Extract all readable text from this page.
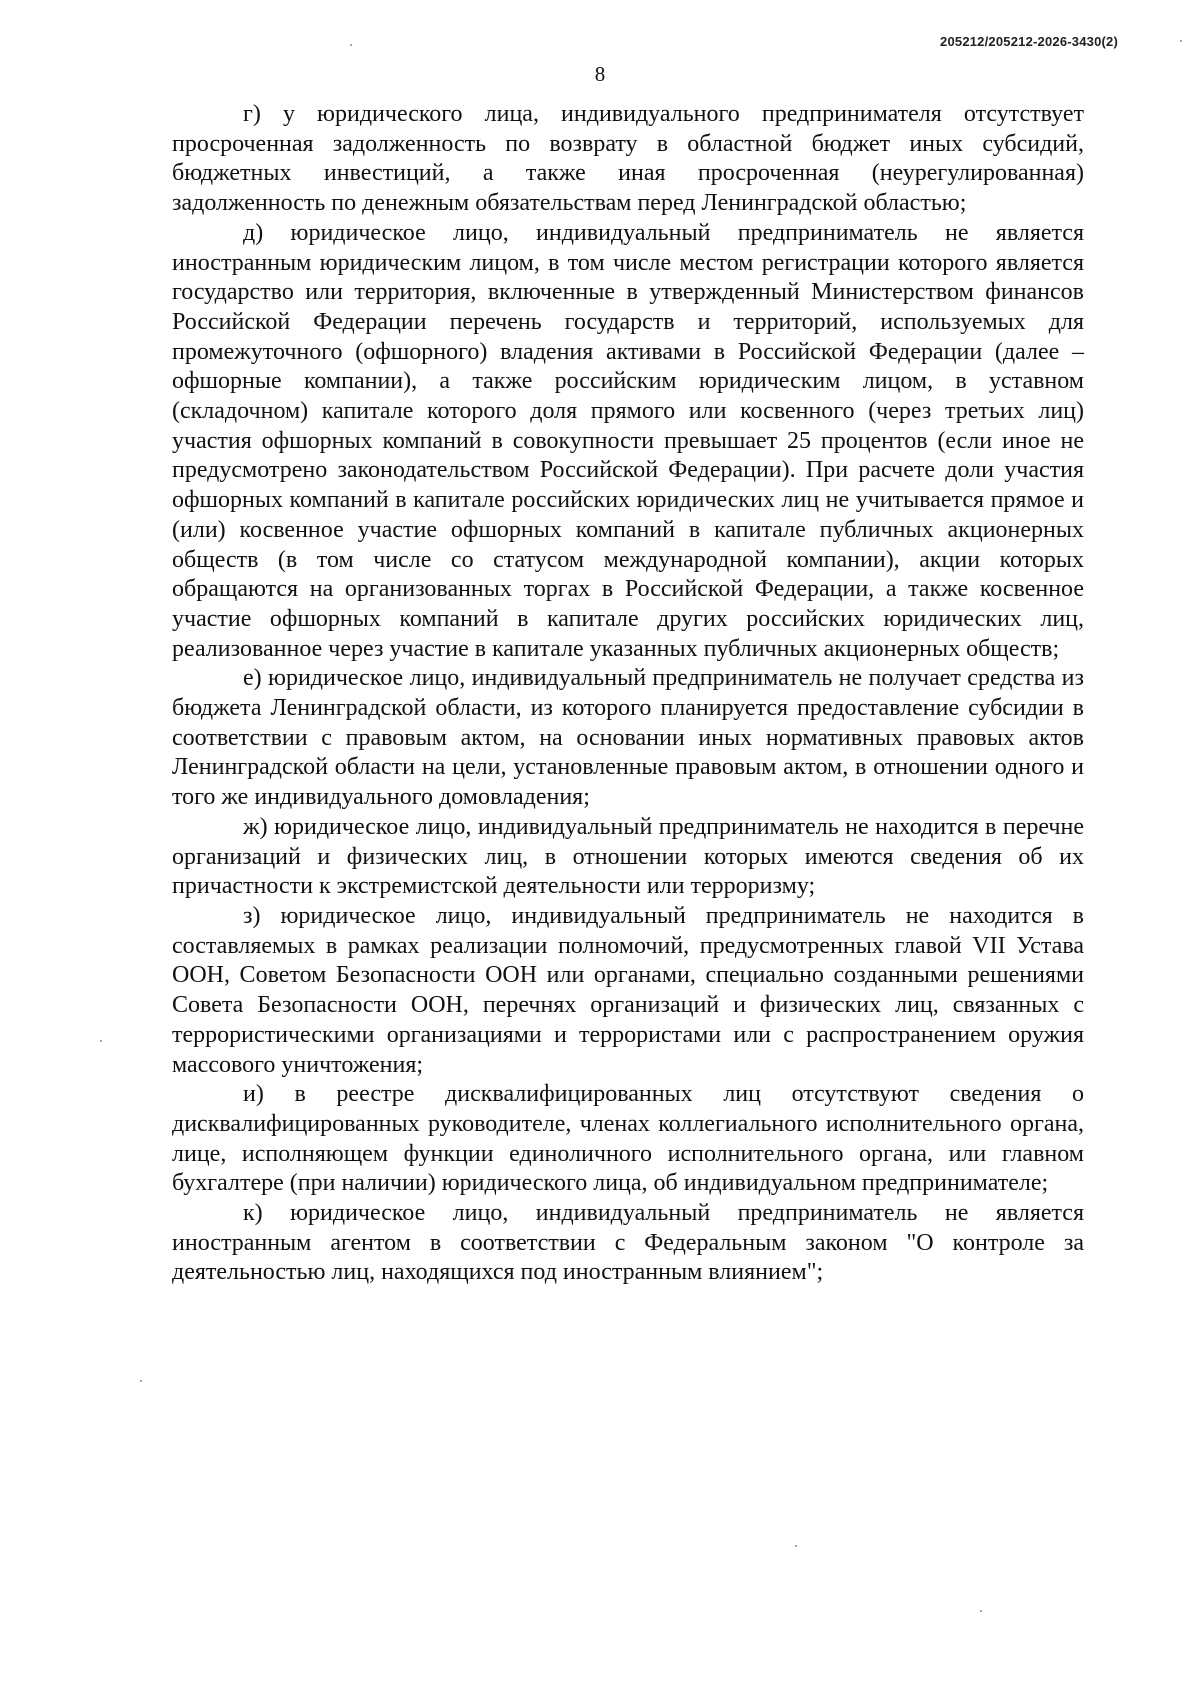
205212/205212-2026-3430(2)
8

г) у юридического лица, индивидуального предпринимателя отсутствует просроченная задолженность по возврату в областной бюджет иных субсидий, бюджетных инвестиций, а также иная просроченная (неурегулированная) задолженность по денежным обязательствам перед Ленинградской областью;

д) юридическое лицо, индивидуальный предприниматель не является иностранным юридическим лицом, в том числе местом регистрации которого является государство или территория, включенные в утвержденный Министерством финансов Российской Федерации перечень государств и территорий, используемых для промежуточного (офшорного) владения активами в Российской Федерации (далее – офшорные компании), а также российским юридическим лицом, в уставном (складочном) капитале которого доля прямого или косвенного (через третьих лиц) участия офшорных компаний в совокупности превышает 25 процентов (если иное не предусмотрено законодательством Российской Федерации). При расчете доли участия офшорных компаний в капитале российских юридических лиц не учитывается прямое и (или) косвенное участие офшорных компаний в капитале публичных акционерных обществ (в том числе со статусом международной компании), акции которых обращаются на организованных торгах в Российской Федерации, а также косвенное участие офшорных компаний в капитале других российских юридических лиц, реализованное через участие в капитале указанных публичных акционерных обществ;

е) юридическое лицо, индивидуальный предприниматель не получает средства из бюджета Ленинградской области, из которого планируется предоставление субсидии в соответствии с правовым актом, на основании иных нормативных правовых актов Ленинградской области на цели, установленные правовым актом, в отношении одного и того же индивидуального домовладения;

ж) юридическое лицо, индивидуальный предприниматель не находится в перечне организаций и физических лиц, в отношении которых имеются сведения об их причастности к экстремистской деятельности или терроризму;

з) юридическое лицо, индивидуальный предприниматель не находится в составляемых в рамках реализации полномочий, предусмотренных главой VII Устава ООН, Советом Безопасности ООН или органами, специально созданными решениями Совета Безопасности ООН, перечнях организаций и физических лиц, связанных с террористическими организациями и террористами или с распространением оружия массового уничтожения;

и) в реестре дисквалифицированных лиц отсутствуют сведения о дисквалифицированных руководителе, членах коллегиального исполнительного органа, лице, исполняющем функции единоличного исполнительного органа, или главном бухгалтере (при наличии) юридического лица, об индивидуальном предпринимателе;

к) юридическое лицо, индивидуальный предприниматель не является иностранным агентом в соответствии с Федеральным законом "О контроле за деятельностью лиц, находящихся под иностранным влиянием";
